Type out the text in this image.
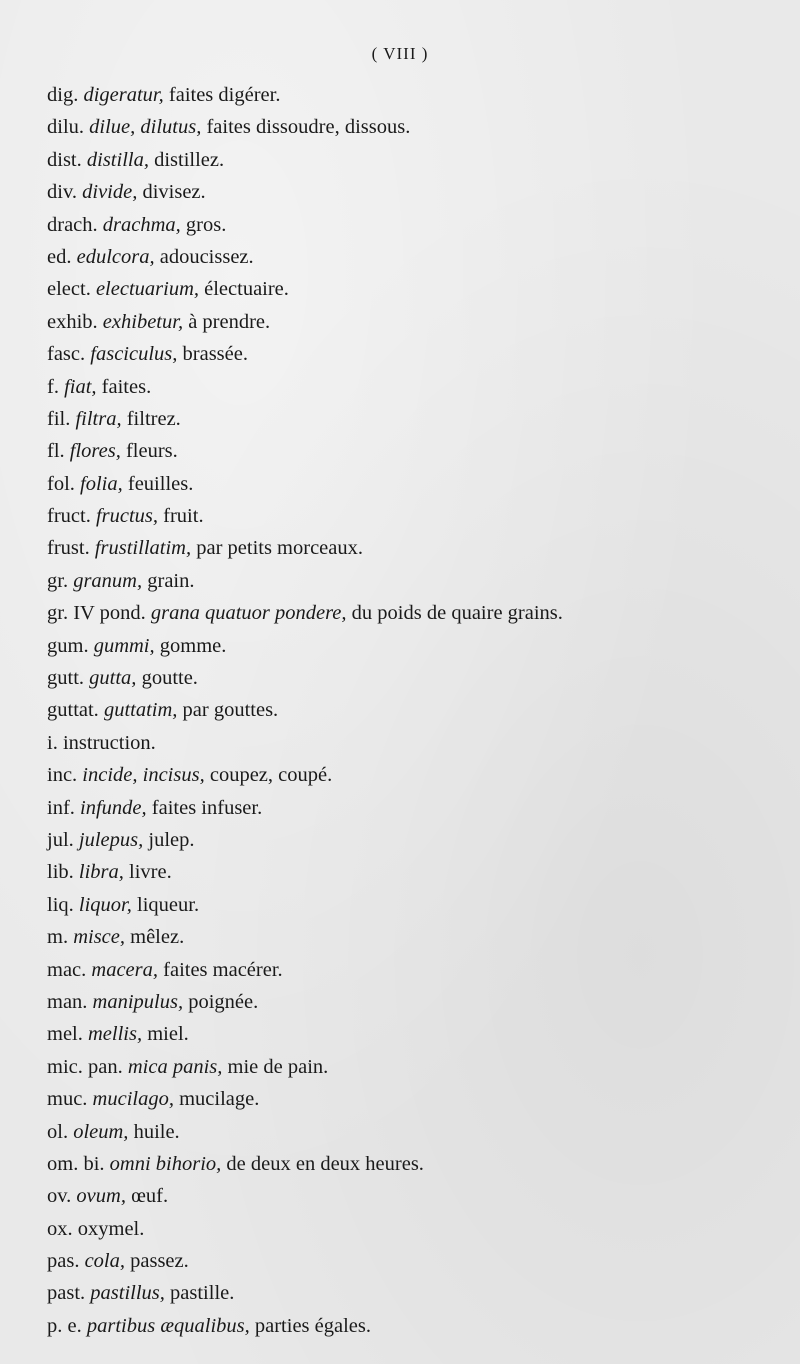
( VIII )
dig. digeratur, faites digérer.
dilu. dilue, dilutus, faites dissoudre, dissous.
dist. distilla, distillez.
div. divide, divisez.
drach. drachma, gros.
ed. edulcora, adoucissez.
elect. electuarium, électuaire.
exhib. exhibetur, à prendre.
fasc. fasciculus, brassée.
f. fiat, faites.
fil. filtra, filtrez.
fl. flores, fleurs.
fol. folia, feuilles.
fruct. fructus, fruit.
frust. frustillatim, par petits morceaux.
gr. granum, grain.
gr. IV pond. grana quatuor pondere, du poids de quaire grains.
gum. gummi, gomme.
gutt. gutta, goutte.
guttat. guttatim, par gouttes.
i. instruction.
inc. incide, incisus, coupez, coupé.
inf. infunde, faites infuser.
jul. julepus, julep.
lib. libra, livre.
liq. liquor, liqueur.
m. misce, mêlez.
mac. macera, faites macérer.
man. manipulus, poignée.
mel. mellis, miel.
mic. pan. mica panis, mie de pain.
muc. mucilago, mucilage.
ol. oleum, huile.
om. bi. omni bihorio, de deux en deux heures.
ov. ovum, œuf.
ox. oxymel.
pas. cola, passez.
past. pastillus, pastille.
p. e. partibus æqualibus, parties égales.
